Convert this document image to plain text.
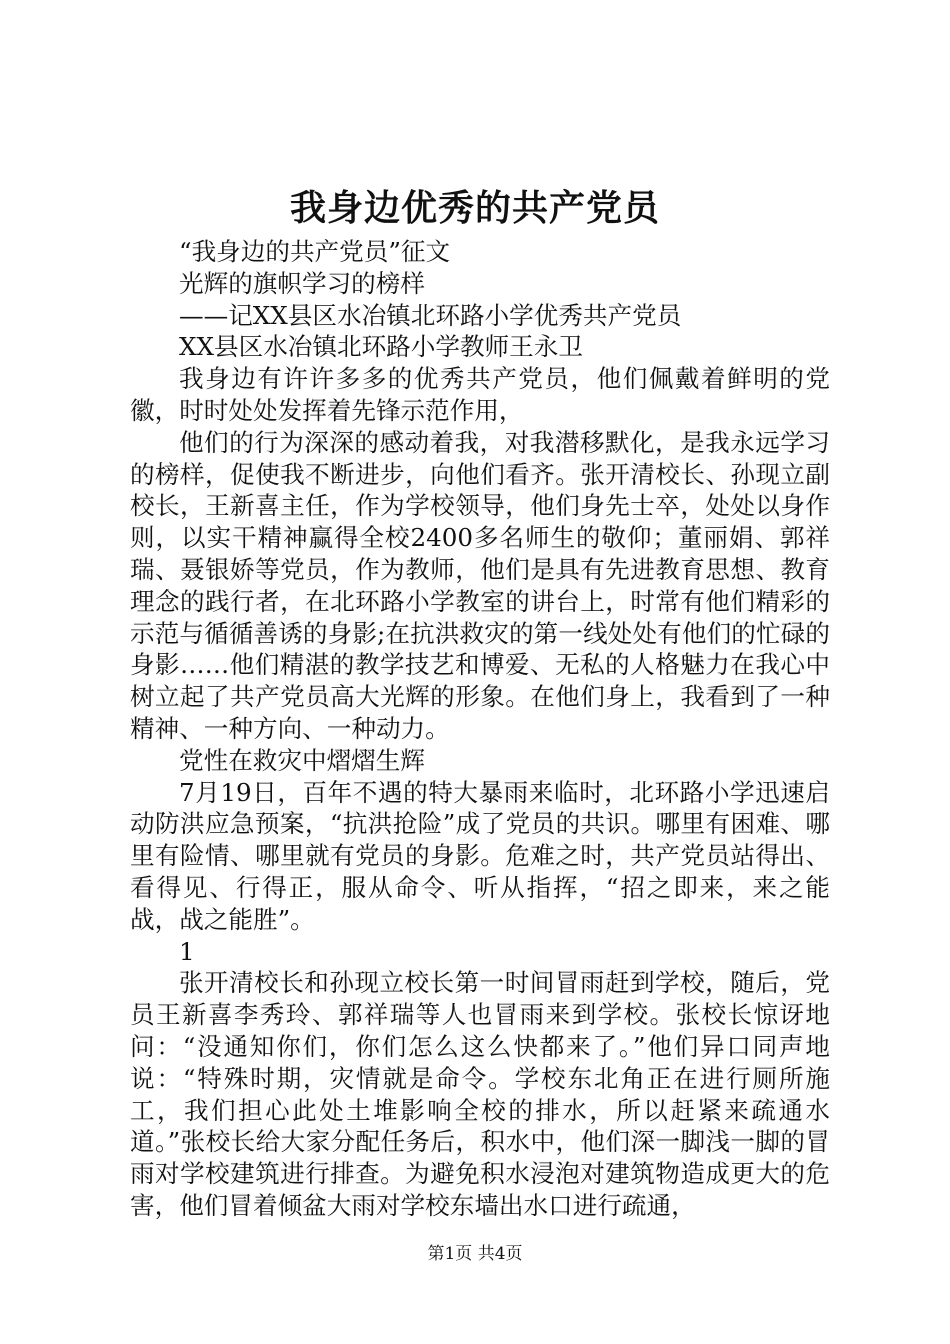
我身边优秀的共产党员

“我身边的共产党员”征文

光辉的旗帜学习的榜样

——记XX县区水冶镇北环路小学优秀共产党员

XX县区水冶镇北环路小学教师王永卫

我身边有许许多多的优秀共产党员，他们佩戴着鲜明的党徽，时时处处发挥着先锋示范作用，

他们的行为深深的感动着我，对我潜移默化，是我永远学习的榜样，促使我不断进步，向他们看齐。张开清校长、孙现立副校长，王新喜主任，作为学校领导，他们身先士卒，处处以身作则，以实干精神赢得全校2400多名师生的敬仰；董丽娟、郭祥瑞、聂银娇等党员，作为教师，他们是具有先进教育思想、教育理念的践行者，在北环路小学教室的讲台上，时常有他们精彩的示范与循循善诱的身影;在抗洪救灾的第一线处处有他们的忙碌的身影……他们精湛的教学技艺和博爱、无私的人格魅力在我心中树立起了共产党员高大光辉的形象。在他们身上，我看到了一种精神、一种方向、一种动力。

党性在救灾中熠熠生辉

7月19日，百年不遇的特大暴雨来临时，北环路小学迅速启动防洪应急预案，“抗洪抢险”成了党员的共识。哪里有困难、哪里有险情、哪里就有党员的身影。危难之时，共产党员站得出、看得见、行得正，服从命令、听从指挥，“招之即来，来之能战，战之能胜”。

1

张开清校长和孙现立校长第一时间冒雨赶到学校，随后，党员王新喜李秀玲、郭祥瑞等人也冒雨来到学校。张校长惊讶地问：“没通知你们，你们怎么这么快都来了。”他们异口同声地说：“特殊时期，灾情就是命令。学校东北角正在进行厕所施工，我们担心此处土堆影响全校的排水，所以赶紧来疏通水道。”张校长给大家分配任务后，积水中，他们深一脚浅一脚的冒雨对学校建筑进行排查。为避免积水浸泡对建筑物造成更大的危害，他们冒着倾盆大雨对学校东墙出水口进行疏通，

第1页 共4页
